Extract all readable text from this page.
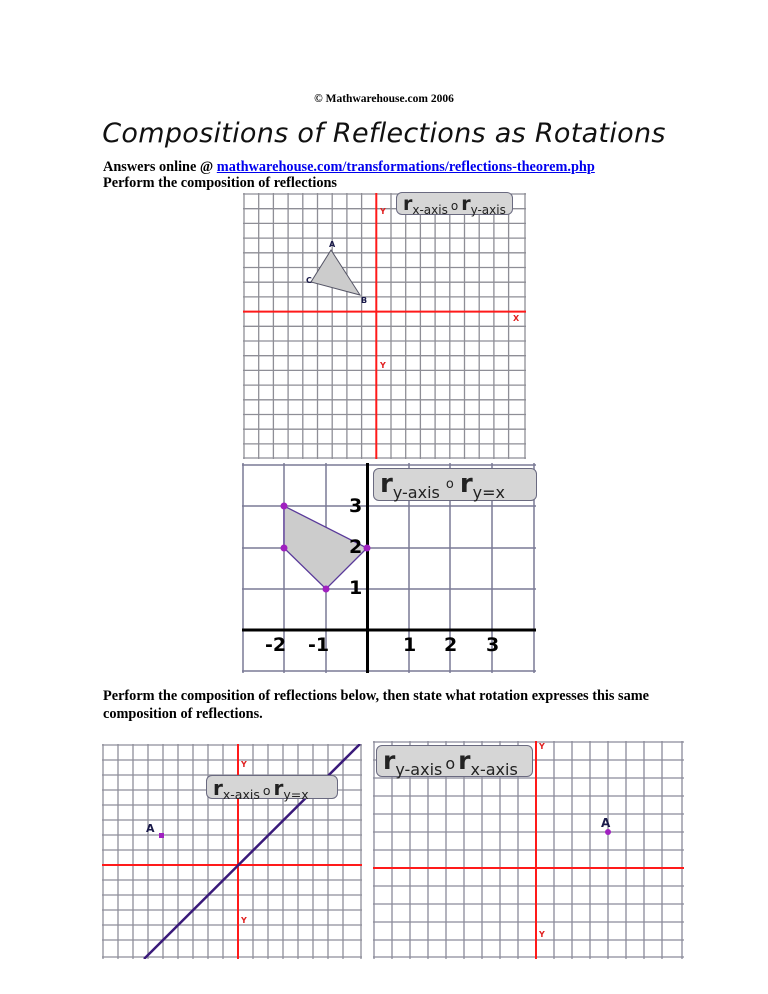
© Mathwarehouse.com 2006
Compositions of Reflections as Rotations
Answers online @ mathwarehouse.com/transformations/reflections-theorem.php
Perform the composition of reflections
Y
Y
X
A
B
C
r x-axis o r y-axis
3
2
1
-2 -1	1 2 3
r y-axis o r y=x
Perform the composition of reflections below, then state what rotation expresses this same composition of reflections.
Y
Y
A
r x-axis o r y=x
Y
Y
A
r y-axis o r x-axis
